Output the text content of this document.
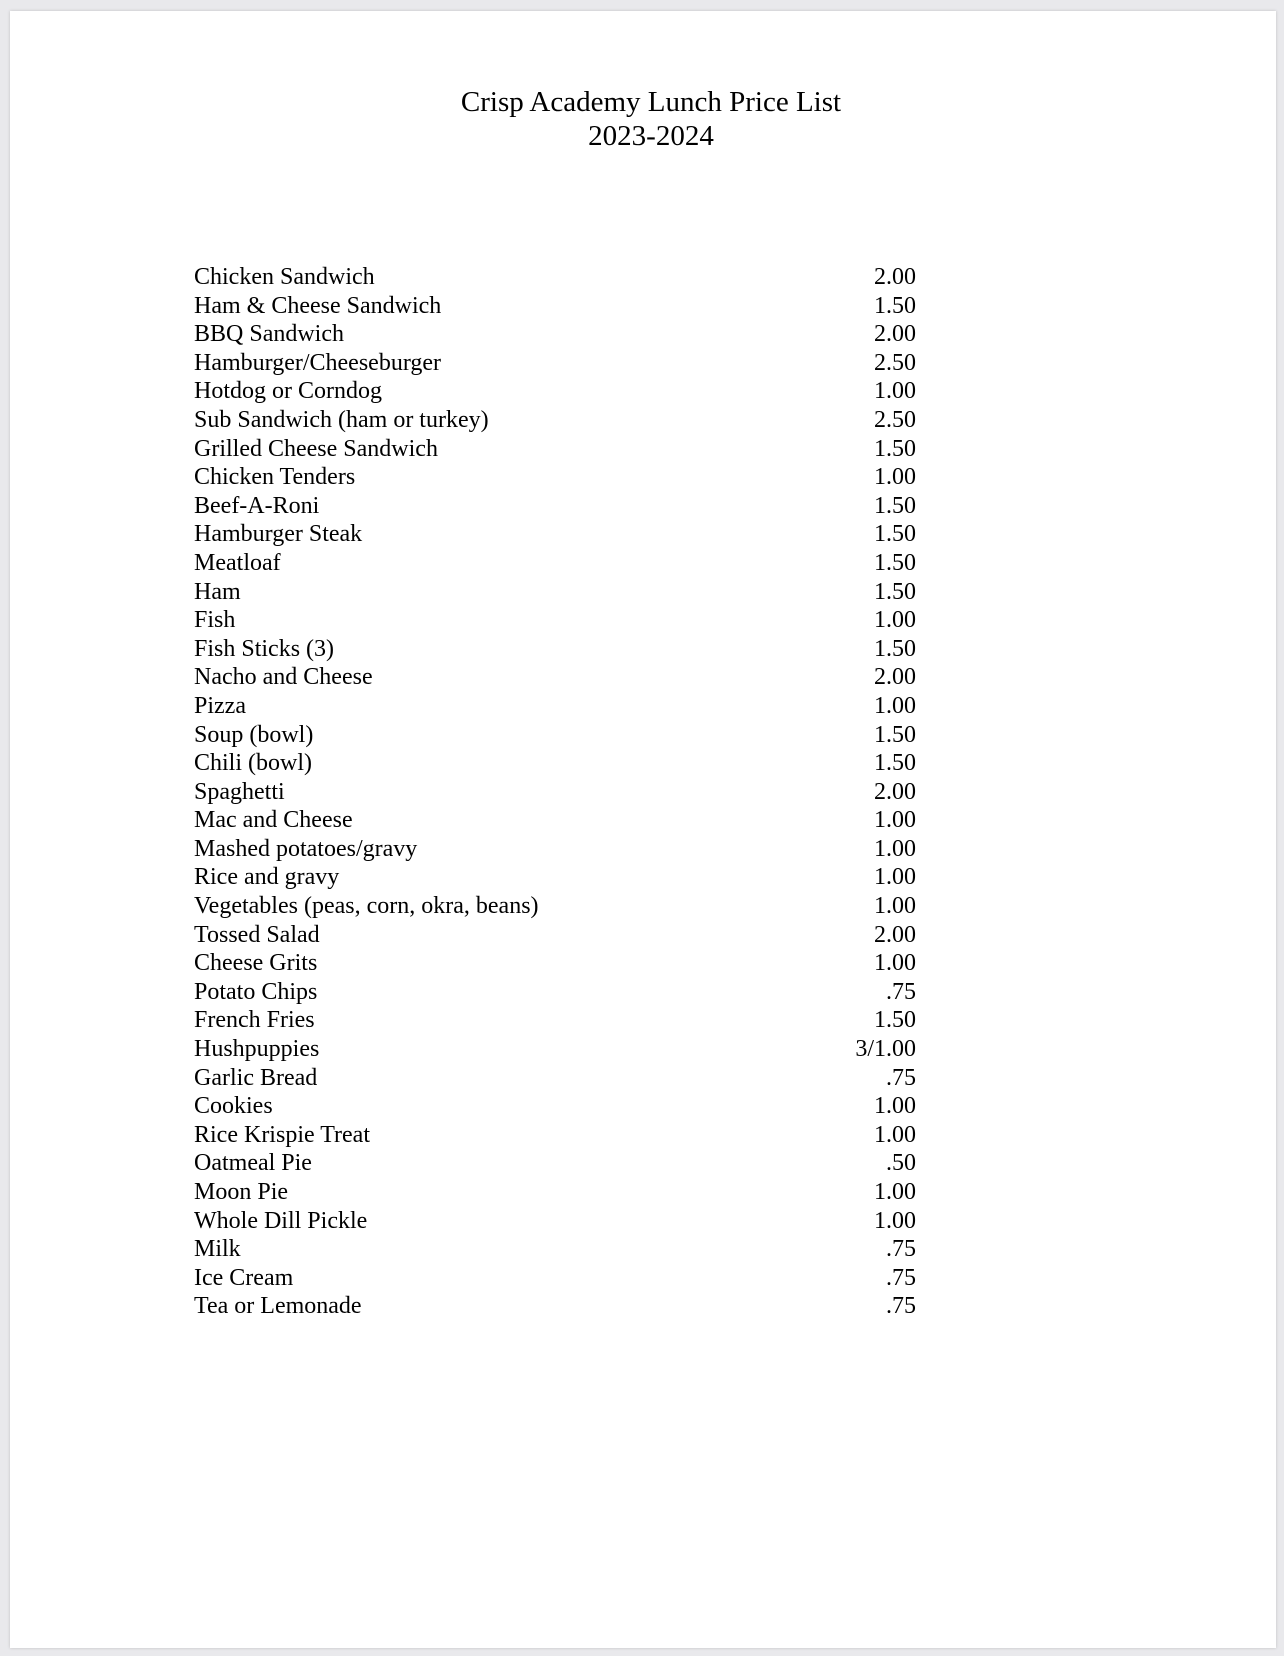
Crisp Academy Lunch Price List
2023-2024
Chicken Sandwich	2.00
Ham & Cheese Sandwich	1.50
BBQ Sandwich	2.00
Hamburger/Cheeseburger	2.50
Hotdog or Corndog	1.00
Sub Sandwich (ham or turkey)	2.50
Grilled Cheese Sandwich	1.50
Chicken Tenders	1.00
Beef-A-Roni	1.50
Hamburger Steak	1.50
Meatloaf	1.50
Ham	1.50
Fish	1.00
Fish Sticks (3)	1.50
Nacho and Cheese	2.00
Pizza	1.00
Soup (bowl)	1.50
Chili (bowl)	1.50
Spaghetti	2.00
Mac and Cheese	1.00
Mashed potatoes/gravy	1.00
Rice and gravy	1.00
Vegetables (peas, corn, okra, beans)	1.00
Tossed Salad	2.00
Cheese Grits	1.00
Potato Chips	.75
French Fries	1.50
Hushpuppies	3/1.00
Garlic Bread	.75
Cookies	1.00
Rice Krispie Treat	1.00
Oatmeal Pie	.50
Moon Pie	1.00
Whole Dill Pickle	1.00
Milk	.75
Ice Cream	.75
Tea or Lemonade	.75
